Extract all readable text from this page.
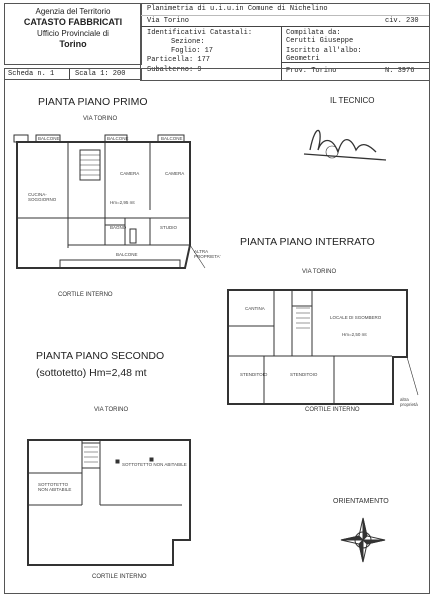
Agenzia del Territorio
CATASTO FABBRICATI
Ufficio Provinciale di
Torino
Planimetria di u.i.u.in Comune di Nichelino
Via Torino	civ. 230
Identificativi Catastali:
Sezione:
Foglio: 17
Particella: 177
Subalterno: 9
Compilata da:
Cerutti Giuseppe
Iscritto all'albo:
Geometri
Prov. Torino	N. 3976
Scheda n. 1	Scala 1: 200
PIANTA PIANO PRIMO	IL TECNICO
VIA TORINO
BALCONE	BALCONE	BALCONE
CUCINA-
SOGGIORNO
CAMERA	CAMERA
BAGNO	STUDIO
Hm=2,95 mt
BALCONE
ALTRA
PROPRIETA'
CORTILE INTERNO
PIANTA PIANO INTERRATO
VIA TORINO
CANTINA
LOCALE DI SGOMBERO
Hm=2,50 mt
STENDITOIO	STENDITOIO
CORTILE INTERNO
altra
proprietà
PIANTA PIANO SECONDO
(sottotetto) Hm=2,48 mt
VIA TORINO
SOTTOTETTO
NON ABITABILE
SOTTOTETTO NON ABITABILE
CORTILE INTERNO
ORIENTAMENTO
